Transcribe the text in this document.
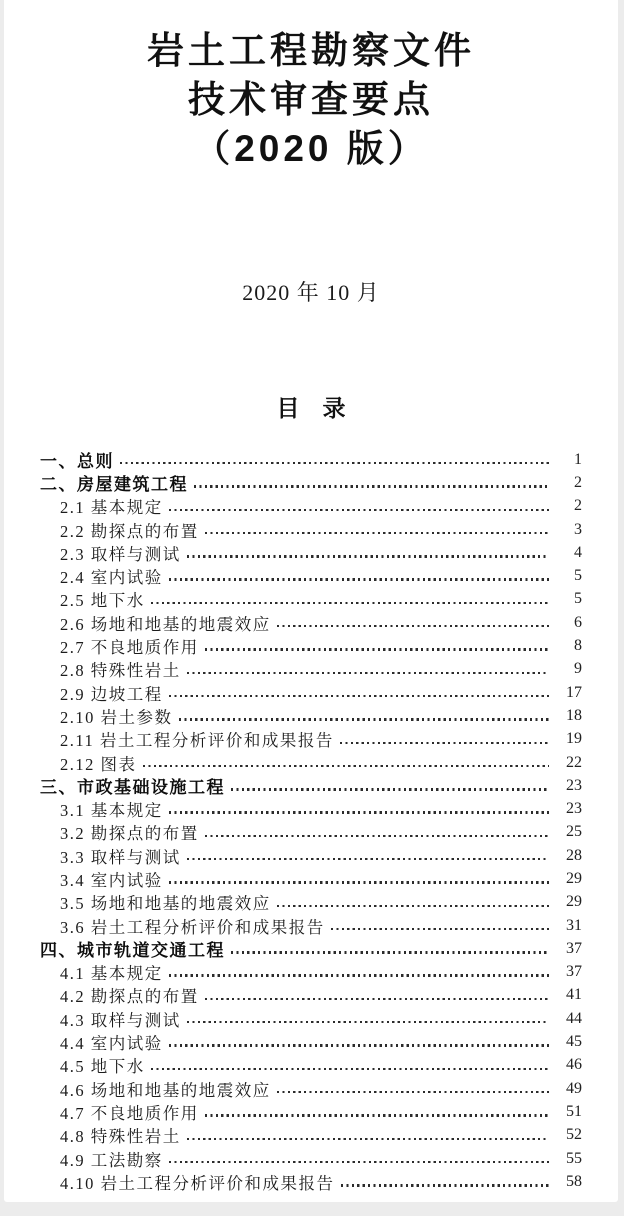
岩土工程勘察文件
技术审查要点
（2020 版）
2020 年 10 月
目　录
一、总则	1
二、房屋建筑工程	2
2.1 基本规定	2
2.2 勘探点的布置	3
2.3 取样与测试	4
2.4 室内试验	5
2.5 地下水	5
2.6 场地和地基的地震效应	6
2.7 不良地质作用	8
2.8 特殊性岩土	9
2.9 边坡工程	17
2.10 岩土参数	18
2.11 岩土工程分析评价和成果报告	19
2.12 图表	22
三、市政基础设施工程	23
3.1 基本规定	23
3.2 勘探点的布置	25
3.3 取样与测试	28
3.4 室内试验	29
3.5 场地和地基的地震效应	29
3.6 岩土工程分析评价和成果报告	31
四、城市轨道交通工程	37
4.1 基本规定	37
4.2 勘探点的布置	41
4.3 取样与测试	44
4.4 室内试验	45
4.5 地下水	46
4.6 场地和地基的地震效应	49
4.7 不良地质作用	51
4.8 特殊性岩土	52
4.9 工法勘察	55
4.10 岩土工程分析评价和成果报告	58
